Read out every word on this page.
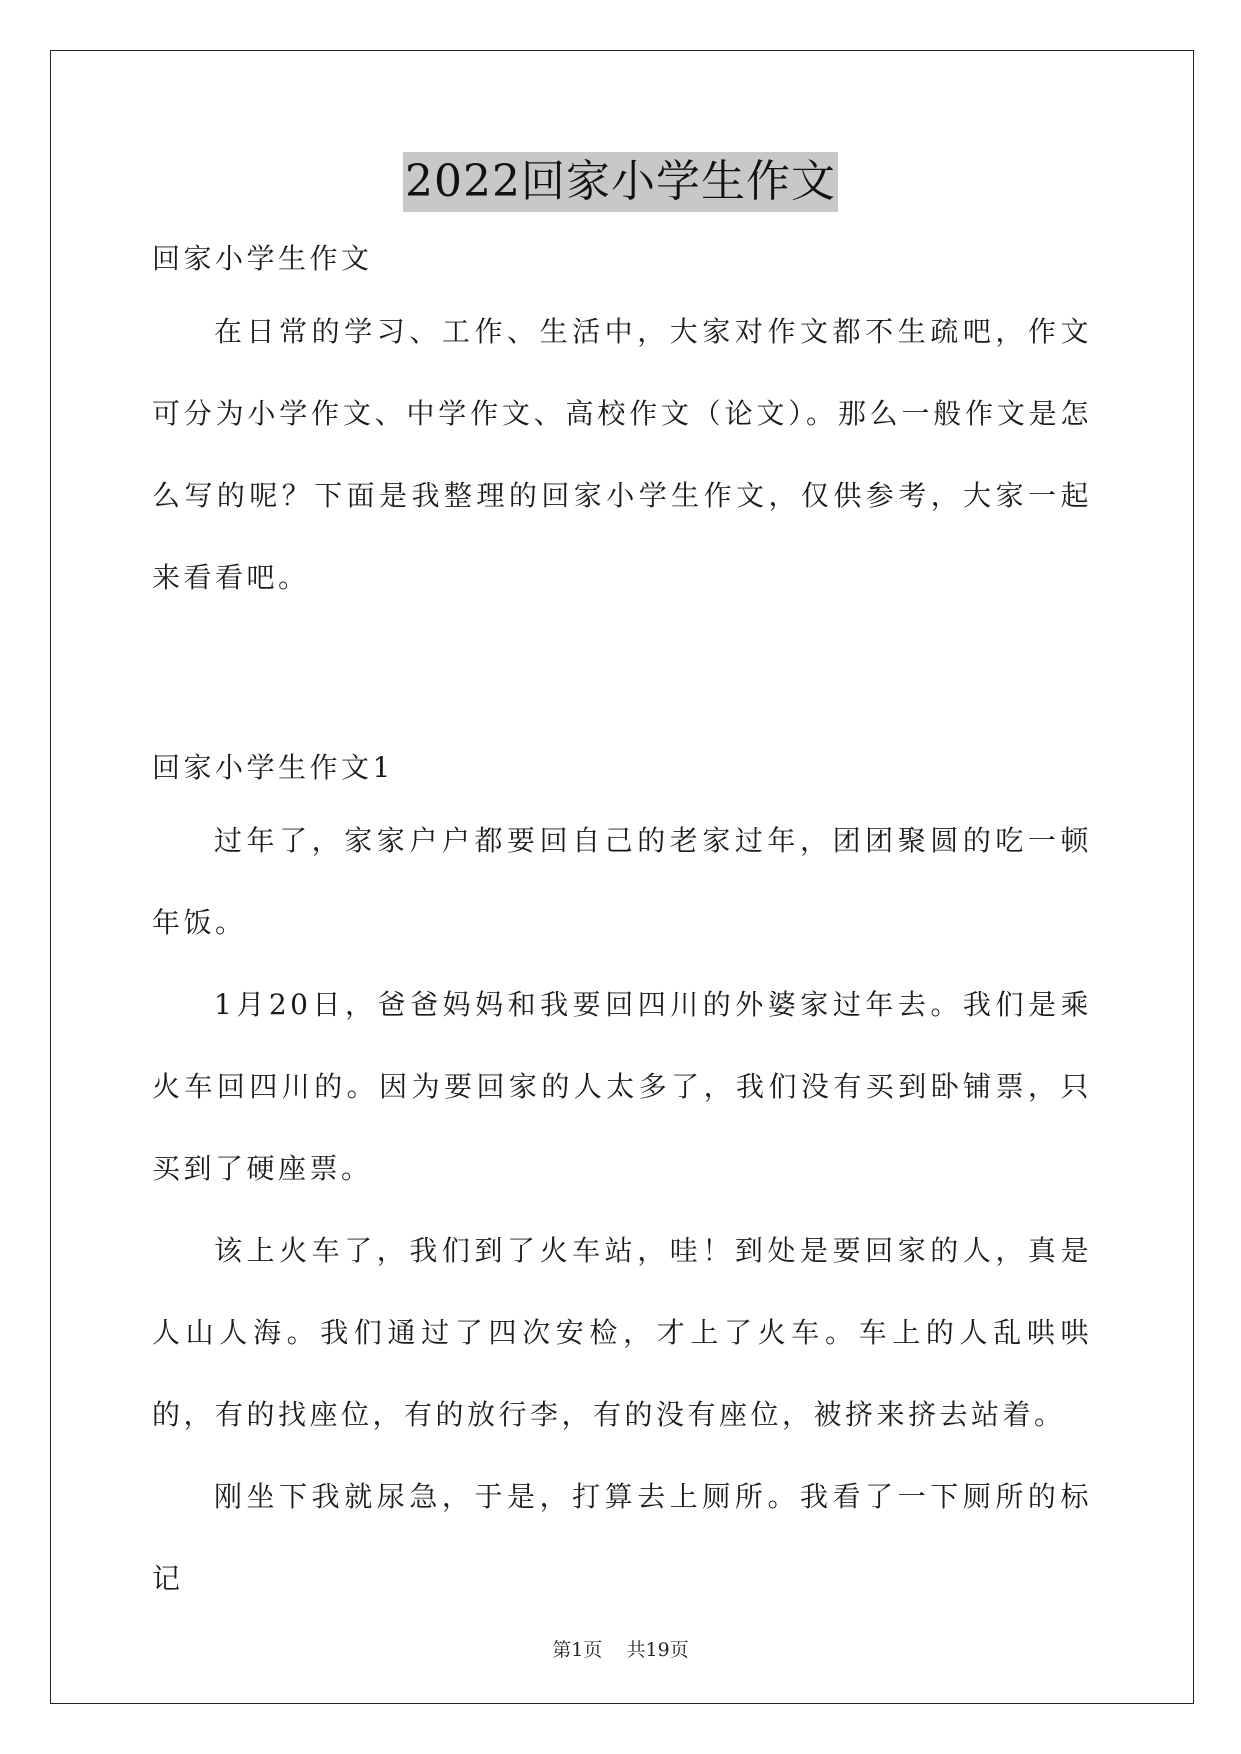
2022回家小学生作文

回家小学生作文

在日常的学习、工作、生活中，大家对作文都不生疏吧，作文可分为小学作文、中学作文、高校作文（论文）。那么一般作文是怎么写的呢？下面是我整理的回家小学生作文，仅供参考，大家一起来看看吧。

回家小学生作文1

过年了，家家户户都要回自己的老家过年，团团聚圆的吃一顿年饭。

1月20日，爸爸妈妈和我要回四川的外婆家过年去。我们是乘火车回四川的。因为要回家的人太多了，我们没有买到卧铺票，只买到了硬座票。

该上火车了，我们到了火车站，哇！到处是要回家的人，真是人山人海。我们通过了四次安检，才上了火车。车上的人乱哄哄的，有的找座位，有的放行李，有的没有座位，被挤来挤去站着。

刚坐下我就尿急，于是，打算去上厕所。我看了一下厕所的标记

第1页 共19页
